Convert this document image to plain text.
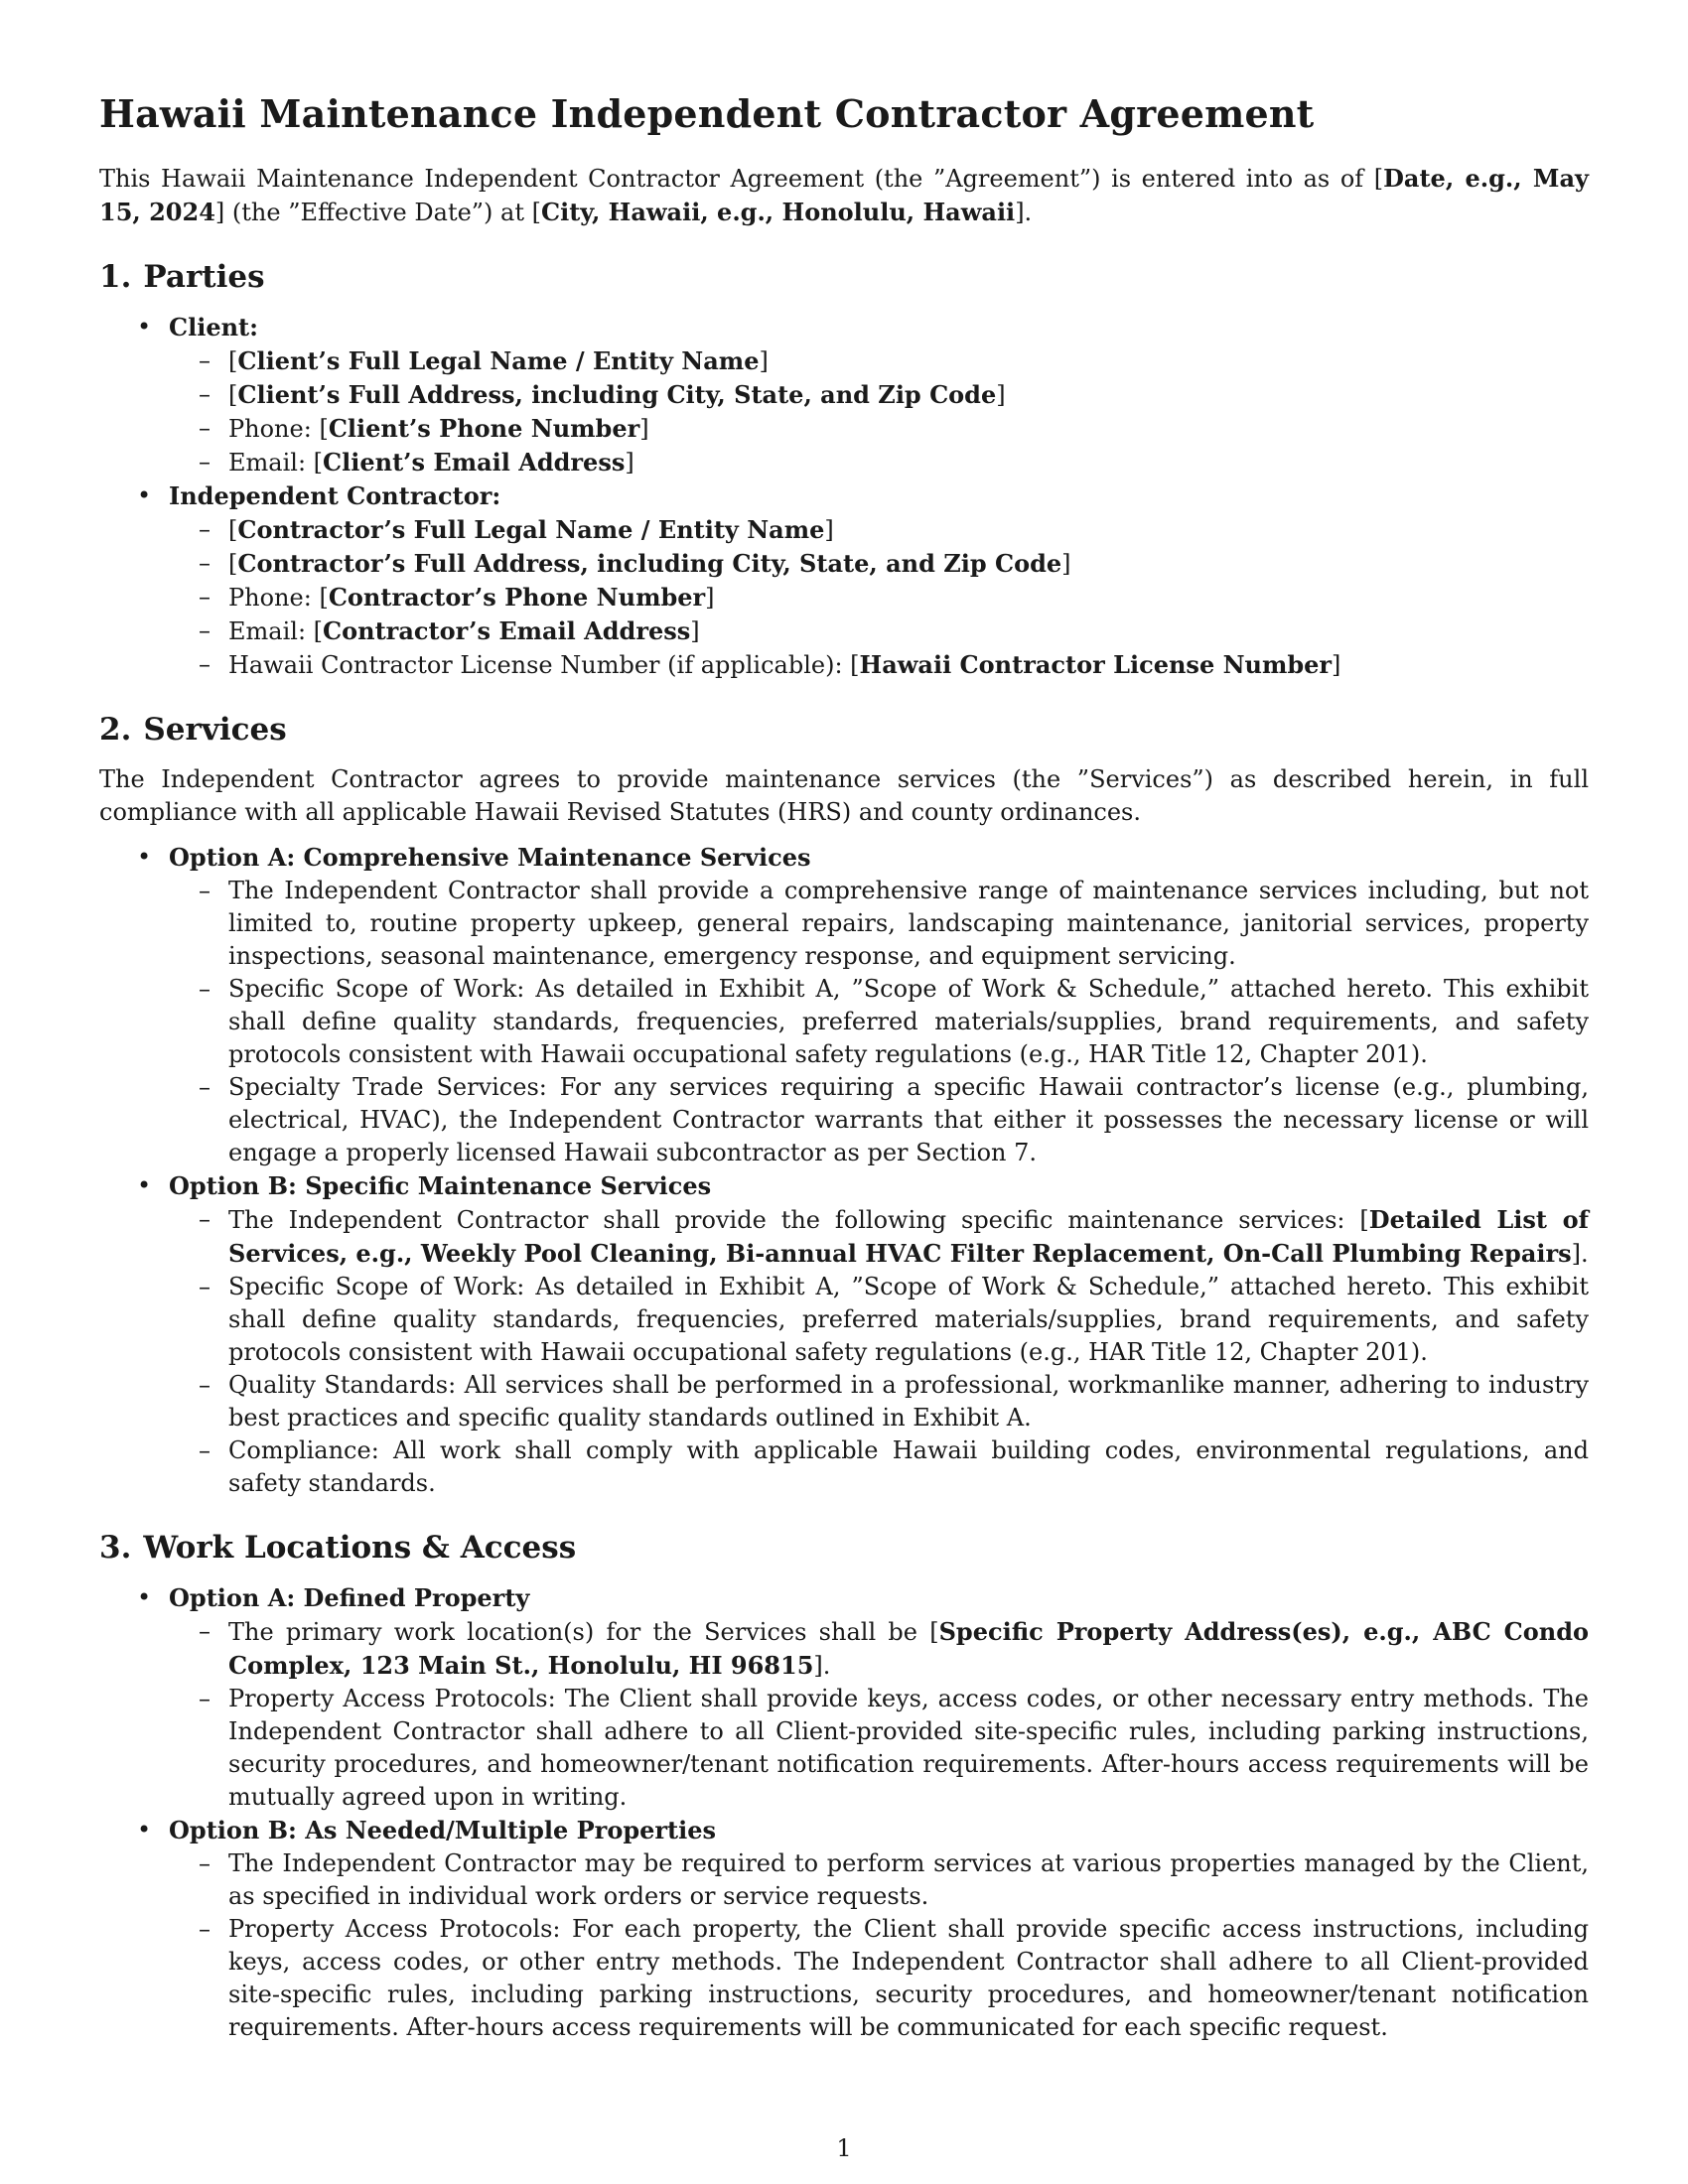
Hawaii Maintenance Independent Contractor Agreement

This Hawaii Maintenance Independent Contractor Agreement (the ”Agreement”) is entered into as of [Date, e.g., May 15, 2024] (the ”Effective Date”) at [City, Hawaii, e.g., Honolulu, Hawaii].

1. Parties
• Client:
– [Client’s Full Legal Name / Entity Name]
– [Client’s Full Address, including City, State, and Zip Code]
– Phone: [Client’s Phone Number]
– Email: [Client’s Email Address]
• Independent Contractor:
– [Contractor’s Full Legal Name / Entity Name]
– [Contractor’s Full Address, including City, State, and Zip Code]
– Phone: [Contractor’s Phone Number]
– Email: [Contractor’s Email Address]
– Hawaii Contractor License Number (if applicable): [Hawaii Contractor License Number]
2. Services

The Independent Contractor agrees to provide maintenance services (the ”Services”) as described herein, in full compliance with all applicable Hawaii Revised Statutes (HRS) and county ordinances.

• Option A: Comprehensive Maintenance Services
– The Independent Contractor shall provide a comprehensive range of maintenance services including, but not limited to, routine property upkeep, general repairs, landscaping maintenance, janitorial services, property inspections, seasonal maintenance, emergency response, and equipment servicing.
– Specific Scope of Work: As detailed in Exhibit A, ”Scope of Work & Schedule,” attached hereto. This exhibit shall define quality standards, frequencies, preferred materials/supplies, brand requirements, and safety protocols consistent with Hawaii occupational safety regulations (e.g., HAR Title 12, Chapter 201).
– Specialty Trade Services: For any services requiring a specific Hawaii contractor’s license (e.g., plumbing, electrical, HVAC), the Independent Contractor warrants that either it possesses the necessary license or will engage a properly licensed Hawaii subcontractor as per Section 7.
• Option B: Specific Maintenance Services
– The Independent Contractor shall provide the following specific maintenance services: [Detailed List of Services, e.g., Weekly Pool Cleaning, Bi-annual HVAC Filter Replacement, On-Call Plumbing Repairs].
– Specific Scope of Work: As detailed in Exhibit A, ”Scope of Work & Schedule,” attached hereto. This exhibit shall define quality standards, frequencies, preferred materials/supplies, brand requirements, and safety protocols consistent with Hawaii occupational safety regulations (e.g., HAR Title 12, Chapter 201).
– Quality Standards: All services shall be performed in a professional, workmanlike manner, adhering to industry best practices and specific quality standards outlined in Exhibit A.
– Compliance: All work shall comply with applicable Hawaii building codes, environmental regulations, and safety standards.
3. Work Locations & Access
• Option A: Defined Property
– The primary work location(s) for the Services shall be [Specific Property Address(es), e.g., ABC Condo Complex, 123 Main St., Honolulu, HI 96815].
– Property Access Protocols: The Client shall provide keys, access codes, or other necessary entry methods. The Independent Contractor shall adhere to all Client-provided site-specific rules, including parking instructions, security procedures, and homeowner/tenant notification requirements. After-hours access requirements will be mutually agreed upon in writing.
• Option B: As Needed/Multiple Properties
– The Independent Contractor may be required to perform services at various properties managed by the Client, as specified in individual work orders or service requests.
– Property Access Protocols: For each property, the Client shall provide specific access instructions, including keys, access codes, or other entry methods. The Independent Contractor shall adhere to all Client-provided site-specific rules, including parking instructions, security procedures, and homeowner/tenant notification requirements. After-hours access requirements will be communicated for each specific request.
1
